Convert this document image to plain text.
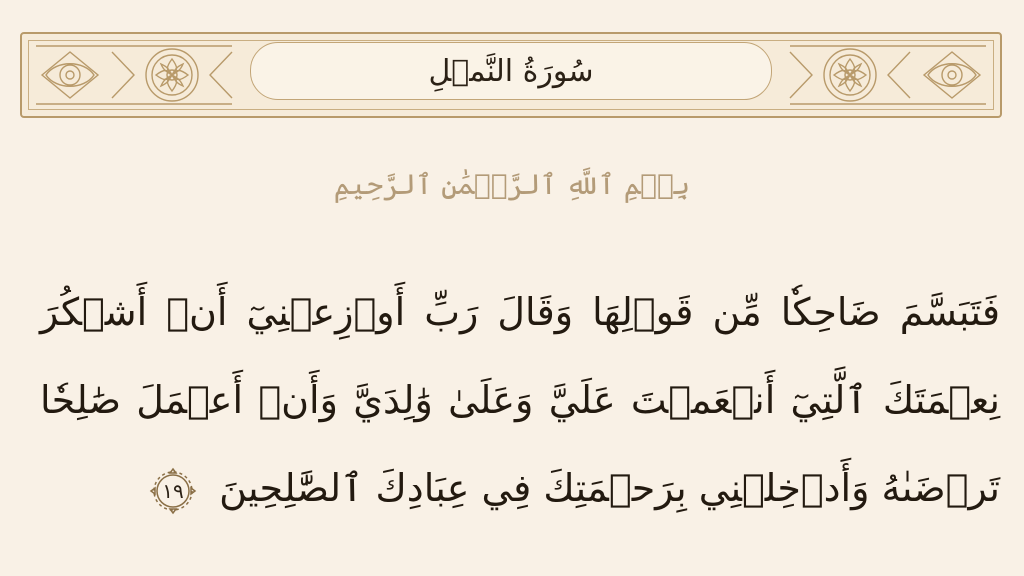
سُورَةُ النَّمۡلِ
بِسۡمِ ٱللَّهِ ٱلرَّحۡمَٰنِ ٱلرَّحِيمِ
فَتَبَسَّمَ ضَاحِكٗا مِّن قَوۡلِهَا وَقَالَ رَبِّ أَوۡزِعۡنِيٓ أَنۡ أَشۡكُرَ نِعۡمَتَكَ ٱلَّتِيٓ أَنۡعَمۡتَ عَلَيَّ وَعَلَىٰ وَٰلِدَيَّ وَأَنۡ أَعۡمَلَ صَٰلِحٗا تَرۡضَىٰهُ وَأَدۡخِلۡنِي بِرَحۡمَتِكَ فِي عِبَادِكَ ٱلصَّٰلِحِينَ
١٩
